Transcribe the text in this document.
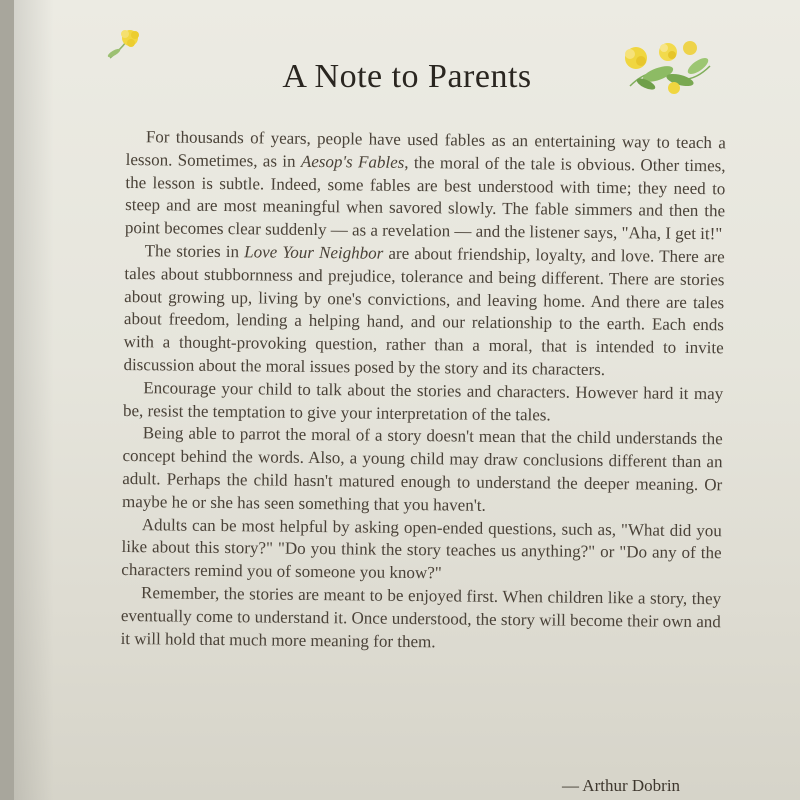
A Note to Parents

For thousands of years, people have used fables as an entertaining way to teach a lesson. Sometimes, as in Aesop's Fables, the moral of the tale is obvious. Other times, the lesson is subtle. Indeed, some fables are best understood with time; they need to steep and are most meaningful when savored slowly. The fable simmers and then the point becomes clear suddenly — as a revelation — and the listener says, "Aha, I get it!"

The stories in Love Your Neighbor are about friendship, loyalty, and love. There are tales about stubbornness and prejudice, tolerance and being different. There are stories about growing up, living by one's convictions, and leaving home. And there are tales about freedom, lending a helping hand, and our relationship to the earth. Each ends with a thought-provoking question, rather than a moral, that is intended to invite discussion about the moral issues posed by the story and its characters.

Encourage your child to talk about the stories and characters. However hard it may be, resist the temptation to give your interpretation of the tales.

Being able to parrot the moral of a story doesn't mean that the child understands the concept behind the words. Also, a young child may draw conclusions different than an adult. Perhaps the child hasn't matured enough to understand the deeper meaning. Or maybe he or she has seen something that you haven't.

Adults can be most helpful by asking open-ended questions, such as, "What did you like about this story?" "Do you think the story teaches us anything?" or "Do any of the characters remind you of someone you know?"

Remember, the stories are meant to be enjoyed first. When children like a story, they eventually come to understand it. Once understood, the story will become their own and it will hold that much more meaning for them.

— Arthur Dobrin
